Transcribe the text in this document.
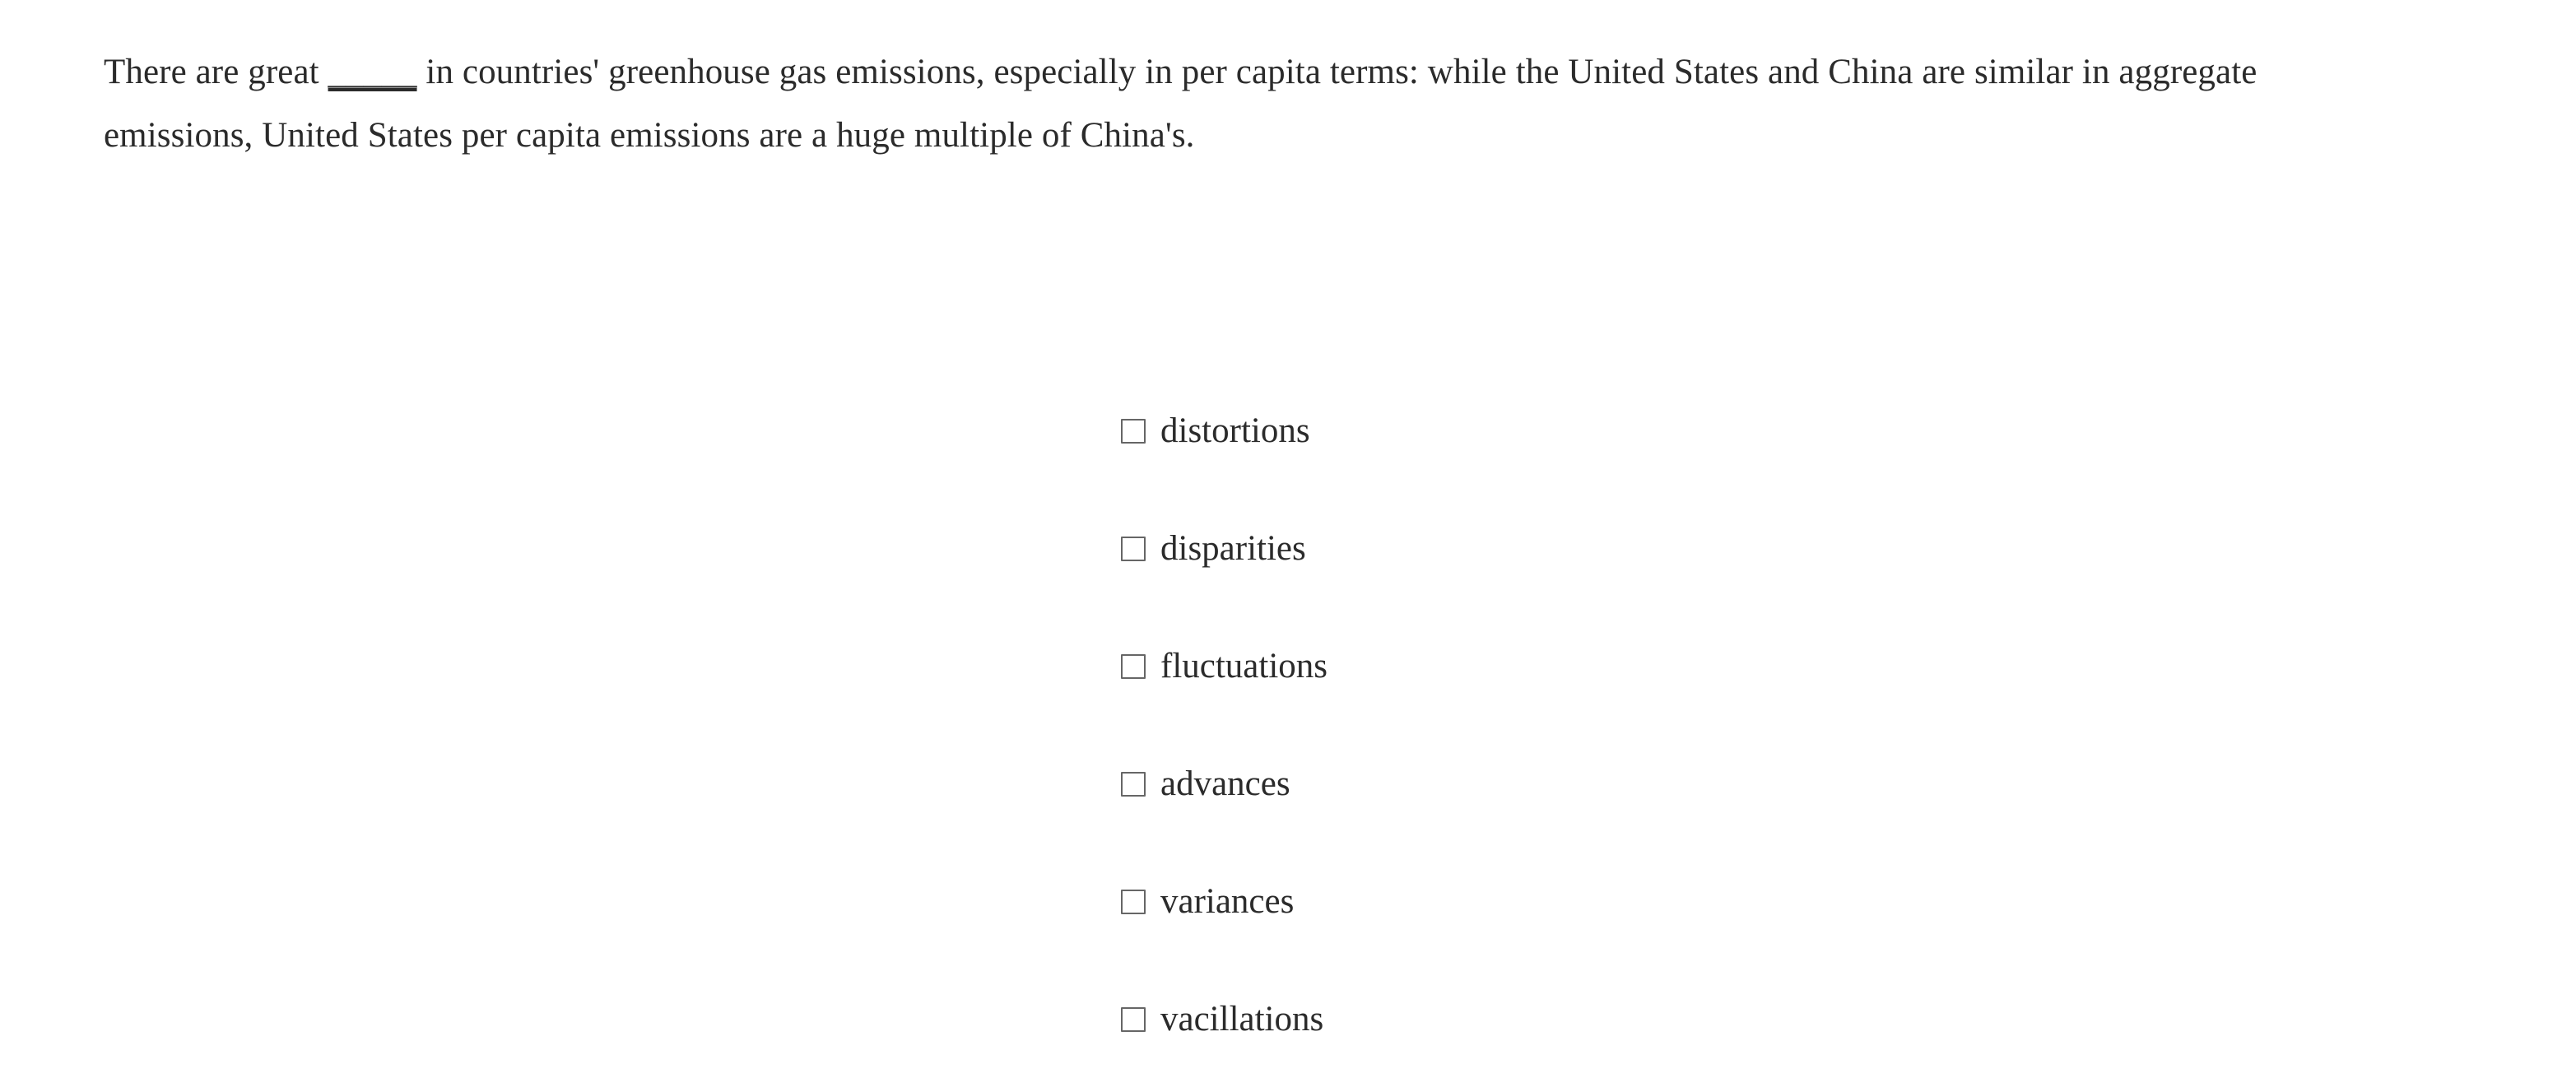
There are great _____ in countries' greenhouse gas emissions, especially in per capita terms: while the United States and China are similar in aggregate emissions, United States per capita emissions are a huge multiple of China's.
distortions
disparities
fluctuations
advances
variances
vacillations
